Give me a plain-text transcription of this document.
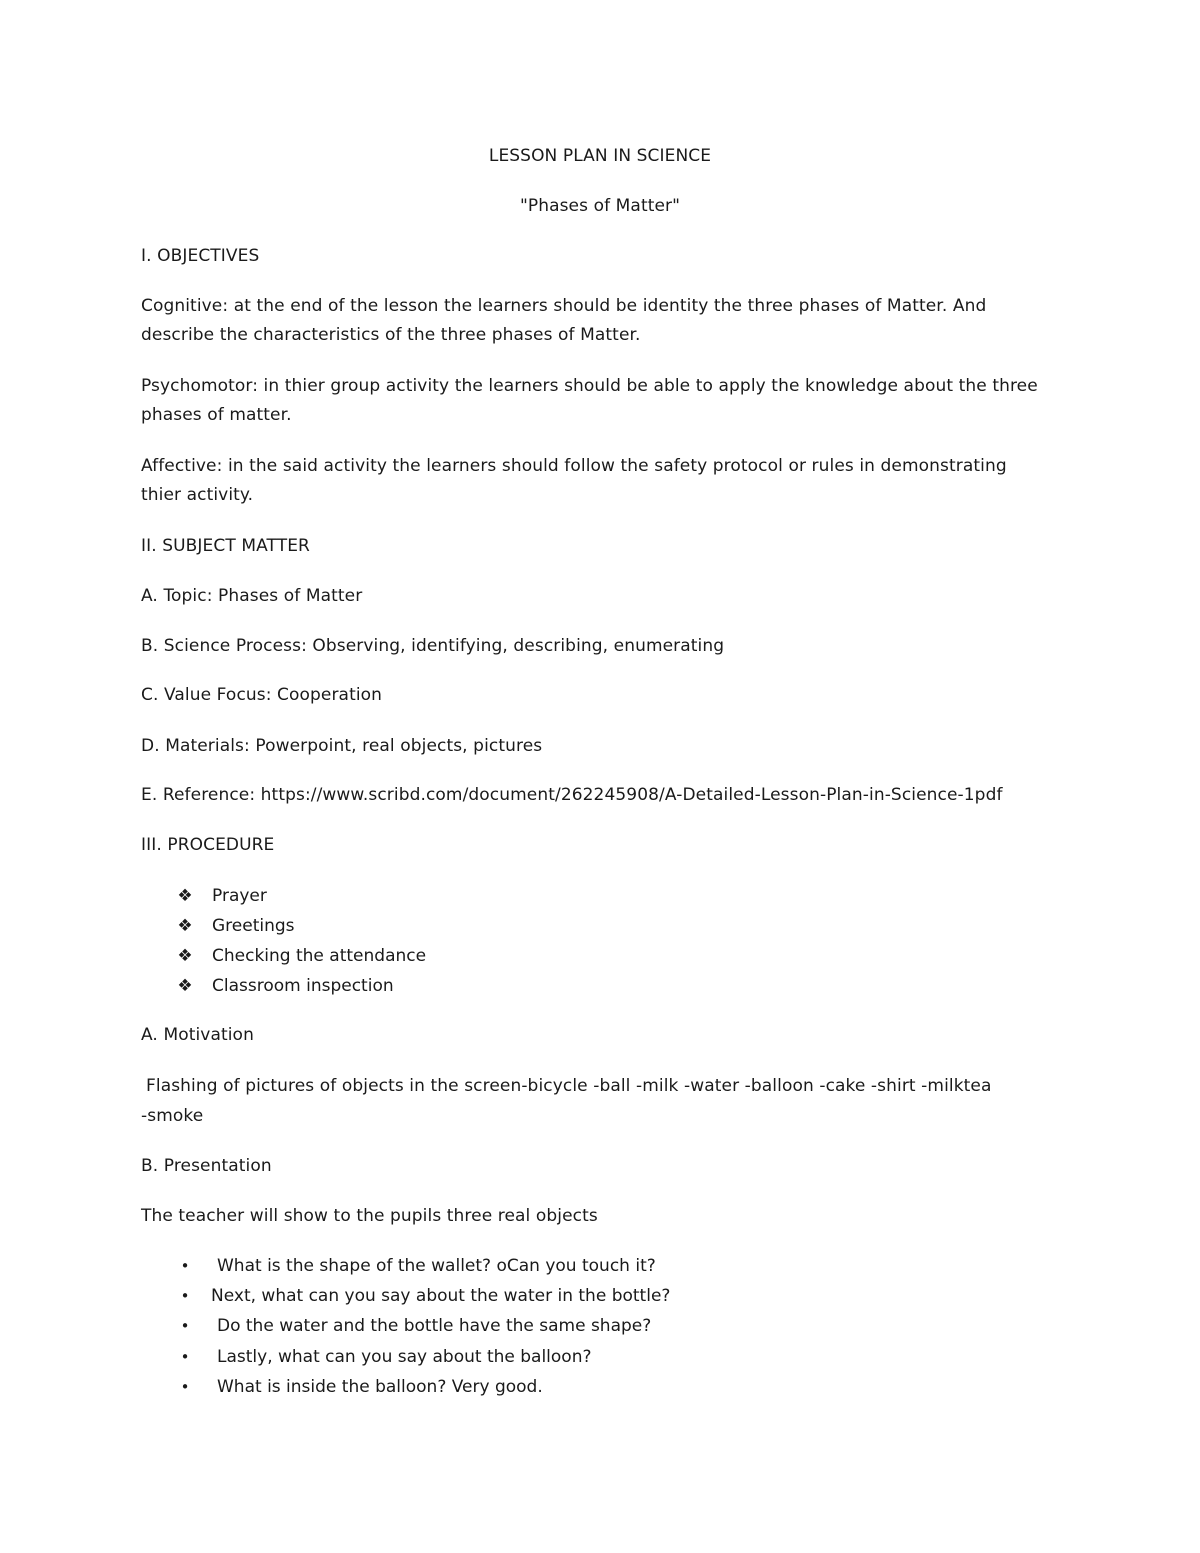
LESSON PLAN IN SCIENCE
"Phases of Matter"
I. OBJECTIVES
Cognitive: at the end of the lesson the learners should be identity the three phases of Matter. And
describe the characteristics of the three phases of Matter.
Psychomotor: in thier group activity the learners should be able to apply the knowledge about the three
phases of matter.
Affective: in the said activity the learners should follow the safety protocol or rules in demonstrating
thier activity.
II. SUBJECT MATTER
A. Topic: Phases of Matter
B. Science Process: Observing, identifying, describing, enumerating
C. Value Focus: Cooperation
D. Materials: Powerpoint, real objects, pictures
E. Reference: https://www.scribd.com/document/262245908/A-Detailed-Lesson-Plan-in-Science-1pdf
III. PROCEDURE
❖ Prayer
❖ Greetings
❖ Checking the attendance
❖ Classroom inspection
A. Motivation
Flashing of pictures of objects in the screen-bicycle -ball -milk -water -balloon -cake -shirt -milktea
-smoke
B. Presentation
The teacher will show to the pupils three real objects
•	What is the shape of the wallet? oCan you touch it?
•	Next, what can you say about the water in the bottle?
•	Do the water and the bottle have the same shape?
•	Lastly, what can you say about the balloon?
•	What is inside the balloon? Very good.
